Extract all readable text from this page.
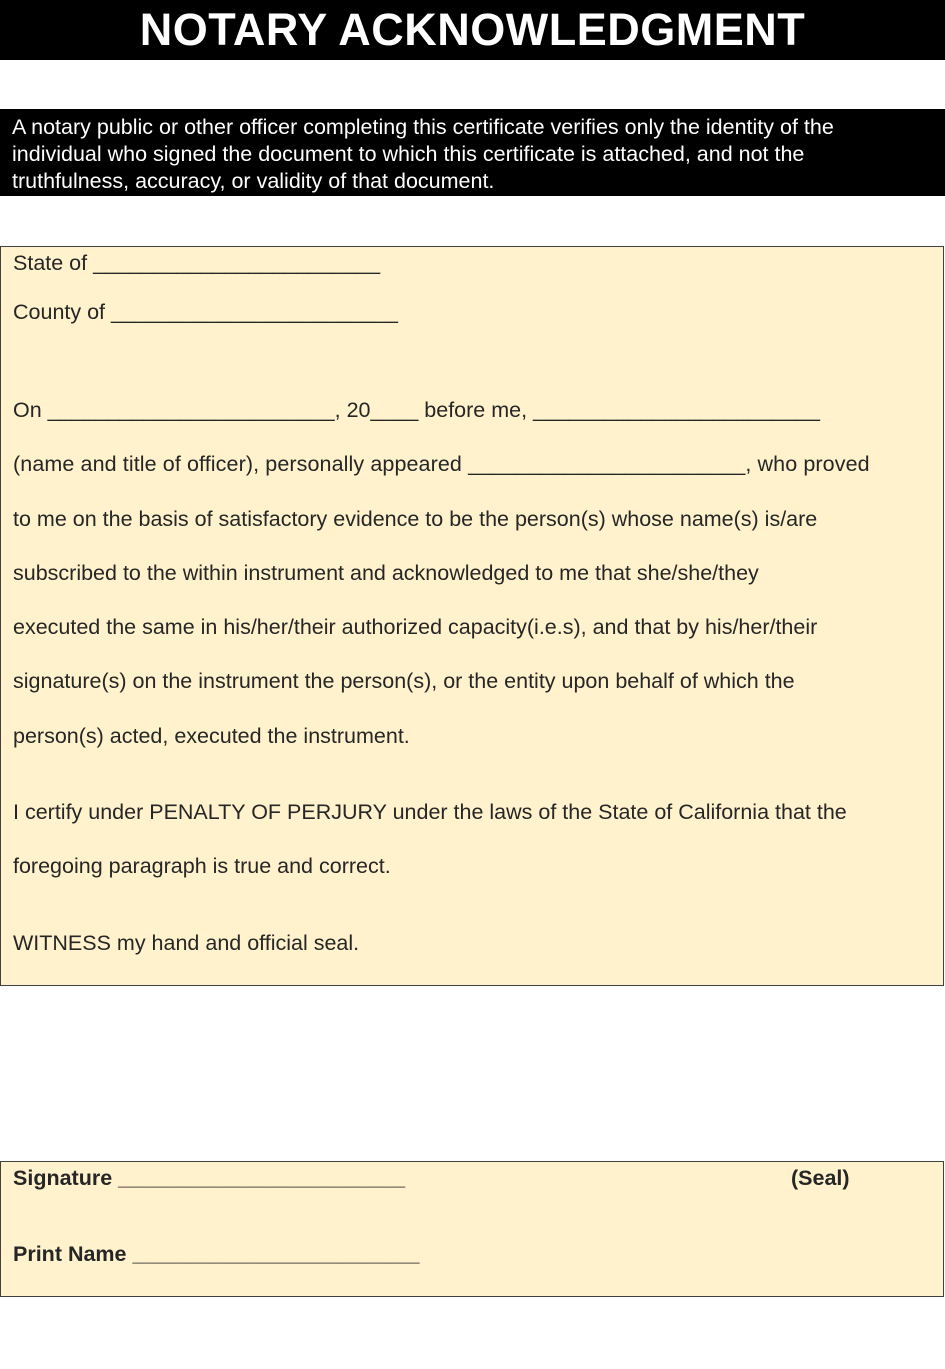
NOTARY ACKNOWLEDGMENT
A notary public or other officer completing this certificate verifies only the identity of the
individual who signed the document to which this certificate is attached, and not the
truthfulness, accuracy, or validity of that document.
State of ________________________
County of ________________________
On ________________________, 20____ before me, ________________________
(name and title of officer), personally appeared _______________________, who proved
to me on the basis of satisfactory evidence to be the person(s) whose name(s) is/are
subscribed to the within instrument and acknowledged to me that she/she/they
executed the same in his/her/their authorized capacity(i.e.s), and that by his/her/their
signature(s) on the instrument the person(s), or the entity upon behalf of which the
person(s) acted, executed the instrument.
I certify under PENALTY OF PERJURY under the laws of the State of California that the
foregoing paragraph is true and correct.
WITNESS my hand and official seal.
Signature ________________________	(Seal)
Print Name ________________________
